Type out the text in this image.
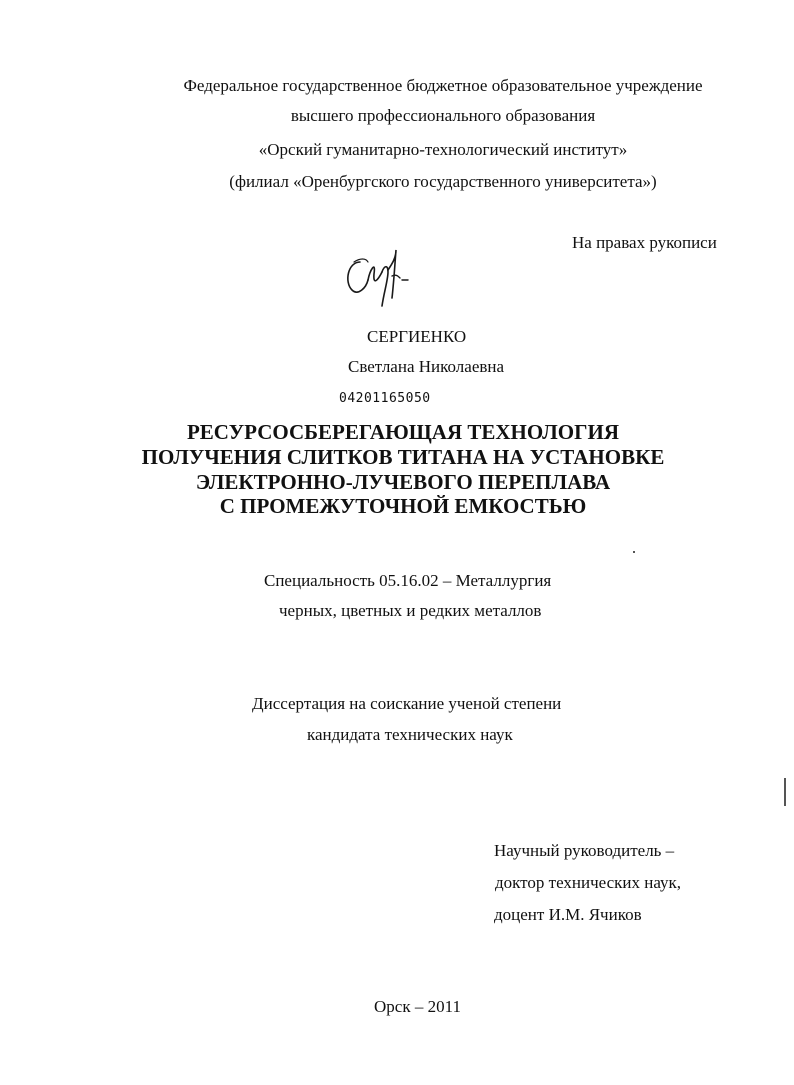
Федеральное государственное бюджетное образовательное учреждение
высшего профессионального образования
«Орский гуманитарно-технологический институт»
(филиал «Оренбургского государственного университета»)
На правах рукописи
СЕРГИЕНКО
Светлана Николаевна
04201165050
РЕСУРСОСБЕРЕГАЮЩАЯ ТЕХНОЛОГИЯ
ПОЛУЧЕНИЯ СЛИТКОВ ТИТАНА НА УСТАНОВКЕ
ЭЛЕКТРОННО-ЛУЧЕВОГО ПЕРЕПЛАВА
С ПРОМЕЖУТОЧНОЙ ЕМКОСТЬЮ
Специальность 05.16.02 – Металлургия
черных, цветных и редких металлов
Диссертация на соискание ученой степени
кандидата технических наук
Научный руководитель –
доктор технических наук,
доцент И.М. Ячиков
Орск – 2011
